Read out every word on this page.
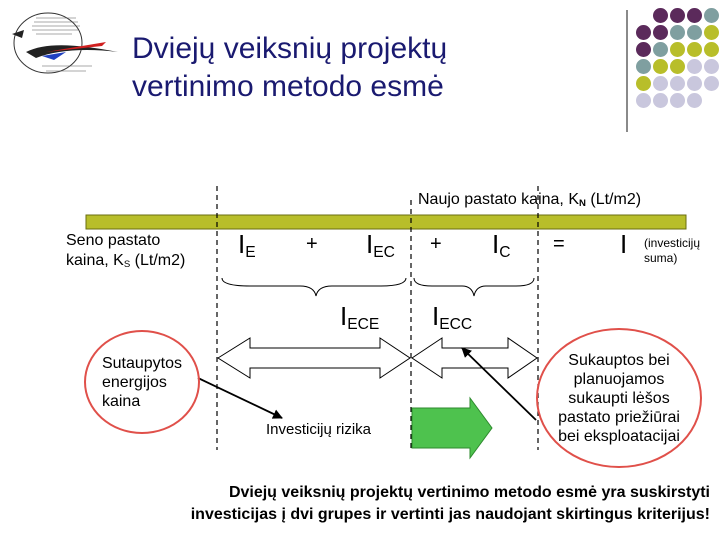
Dviejų veiksnių projektų vertinimo metodo esmė
Naujo pastato kaina, $K_N$ (Lt/m2)
Seno pastato
kaina, $K_S$ (Lt/m2)
$I_E$	+ $I_{EC} + I_C = I$ (investicijų
suma)
$I_{ECE}$ $I_{ECC}$
Sutaupytos
energijos
kaina
Sukauptos bei
planuojamos
sukaupti lėšos
pastato priežiūrai
bei eksploatacijai
Investicijų rizika
Dviejų veiksnių projektų vertinimo metodo esmė yra suskirstyti
investicijas į dvi grupes ir vertinti jas naudojant skirtingus kriterijus!
